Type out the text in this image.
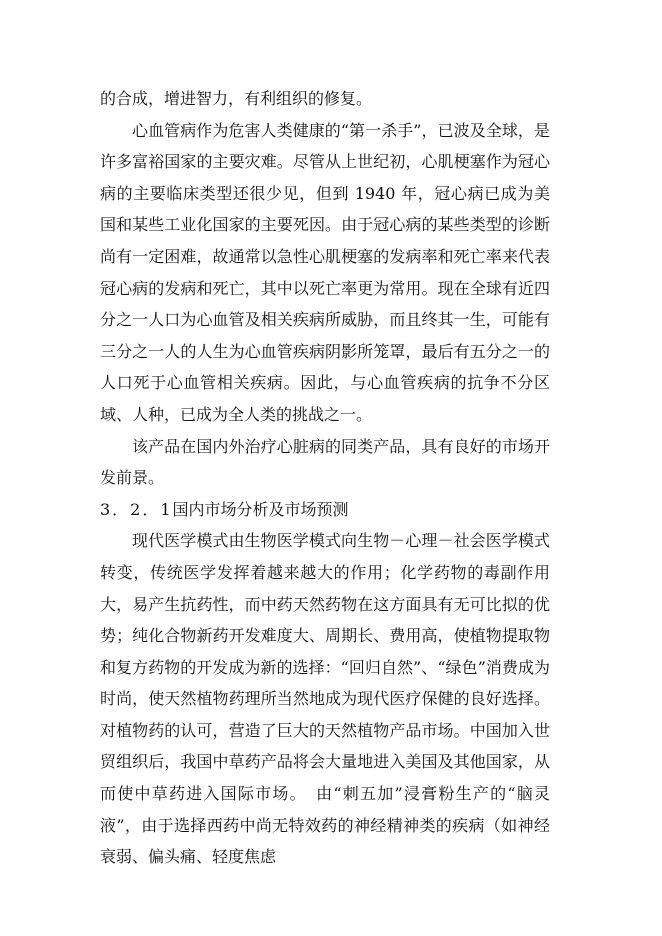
的合成，增进智力，有利组织的修复。

心血管病作为危害人类健康的“第一杀手”，已波及全球，是许多富裕国家的主要灾难。尽管从上世纪初，心肌梗塞作为冠心病的主要临床类型还很少见，但到 1940 年，冠心病已成为美国和某些工业化国家的主要死因。由于冠心病的某些类型的诊断尚有一定困难，故通常以急性心肌梗塞的发病率和死亡率来代表冠心病的发病和死亡，其中以死亡率更为常用。现在全球有近四分之一人口为心血管及相关疾病所威胁，而且终其一生，可能有三分之一人的人生为心血管疾病阴影所笼罩，最后有五分之一的人口死于心血管相关疾病。因此，与心血管疾病的抗争不分区域、人种，已成为全人类的挑战之一。

该产品在国内外治疗心脏病的同类产品，具有良好的市场开发前景。

3．2．1国内市场分析及市场预测

现代医学模式由生物医学模式向生物－心理－社会医学模式转变，传统医学发挥着越来越大的作用；化学药物的毒副作用大，易产生抗药性，而中药天然药物在这方面具有无可比拟的优势；纯化合物新药开发难度大、周期长、费用高，使植物提取物和复方药物的开发成为新的选择：“回归自然”、“绿色”消费成为时尚，使天然植物药理所当然地成为现代医疗保健的良好选择。对植物药的认可，营造了巨大的天然植物产品市场。中国加入世贸组织后，我国中草药产品将会大量地进入美国及其他国家，从而使中草药进入国际市场。　由“刺五加”浸膏粉生产的“脑灵液”，由于选择西药中尚无特效药的神经精神类的疾病（如神经衰弱、偏头痛、轻度焦虑
